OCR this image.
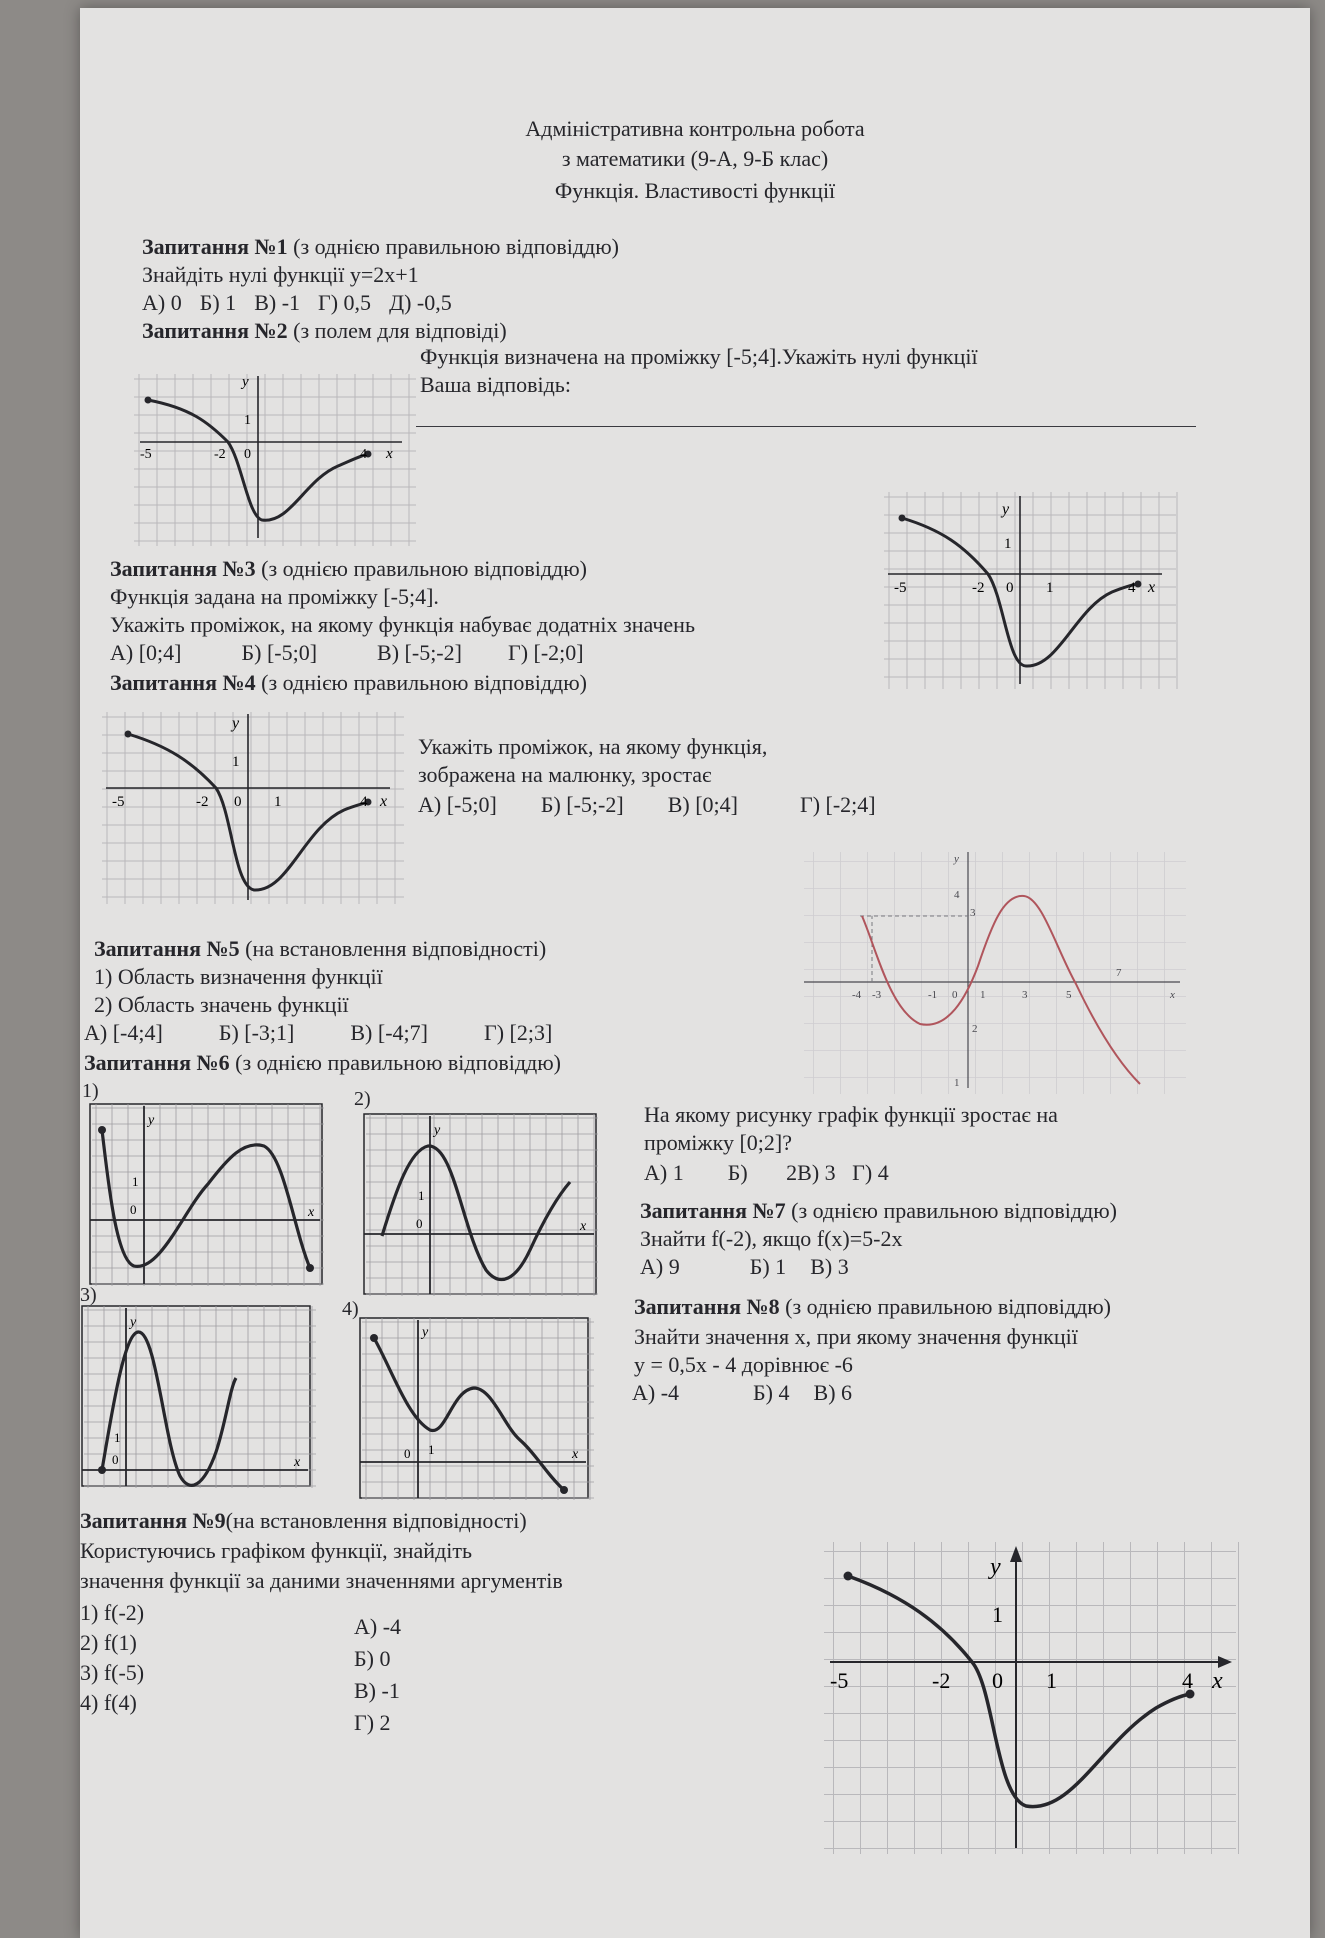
Адміністративна контрольна робота
з математики (9-А, 9-Б клас)
Функція. Властивості функції
Запитання №1 (з однією правильною відповіддю)
Знайдіть нулі функції y=2x+1
А) 0 Б) 1 В) -1 Г) 0,5 Д) -0,5
Запитання №2 (з полем для відповіді)
Функція визначена на проміжку [-5;4].Укажіть нулі функції
Ваша відповідь:
y
1
0
-5	-2	4 x
y
1
0
-5	-2	1	4 x
Запитання №3 (з однією правильною відповіддю)
Функція задана на проміжку [-5;4].
Укажіть проміжок, на якому функція набуває додатніх значень
А) [0;4]	Б) [-5;0]	В) [-5;-2] Г) [-2;0]
Запитання №4 (з однією правильною відповіддю)
y
1
0
-5	-2	1	4 x
Укажіть проміжок, на якому функція,
зображена на малюнку, зростає
А) [-5;0] Б) [-5;-2] В) [0;4]	Г) [-2;4]
-4 -3	-1 0 1	3	5
7
4
3
2
1
y
x
Запитання №5 (на встановлення відповідності)
1) Область визначення функції
2) Область значень функції
А) [-4;4]	Б) [-3;1]	В) [-4;7]	Г) [2;3]
Запитання №6 (з однією правильною відповіддю)
1)	2)
3)
4)
y
1
0	x
y
1
0	x
y
1
0	x
y
1
0	x
На якому рисунку графік функції зростає на
проміжку [0;2]?
А) 1        Б)       2В) 3   Г) 4
Запитання №7 (з однією правильною відповіддю)
Знайти f(-2), якщо f(x)=5-2x
А) 9	Б) 1 В) 3
Запитання №8 (з однією правильною відповіддю)
Знайти значення х, при якому значення функції
y = 0,5x - 4 дорівнює -6
А) -4	Б) 4 В) 6
Запитання №9(на встановлення відповідності)
Користуючись графіком функції, знайдіть
значення функції за даними значеннями аргументів
1) f(-2)
2) f(1)
3) f(-5)
4) f(4)
А) -4
Б) 0
В) -1
Г) 2
y
1
0
-5	-2	1	4 x
